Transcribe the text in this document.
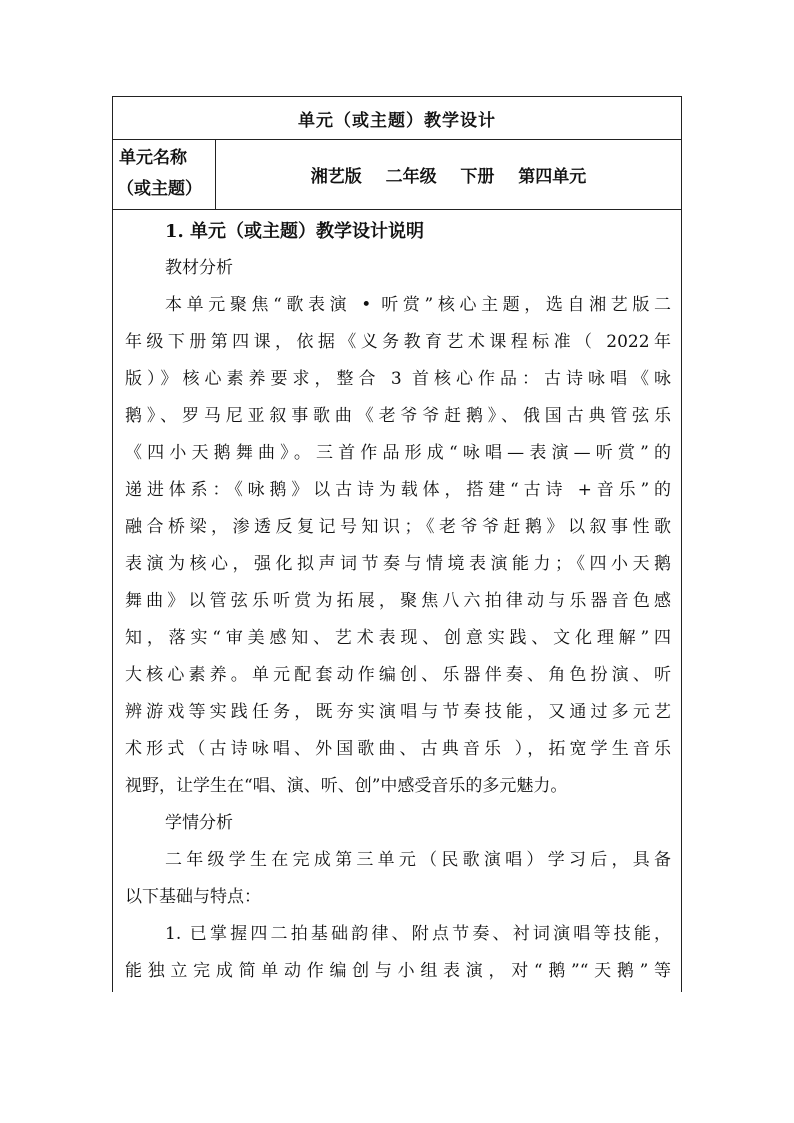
单元（或主题）教学设计
单元名称
（或主题）
湘艺版  二年级  下册  第四单元
1. 单元（或主题）教学设计说明
教材分析
本单元聚焦“歌表演 • 听赏”核心主题，选自湘艺版二
年级下册第四课，依据《义务教育艺术课程标准（ 2022年
版）》核心素养要求，整合 3 首核心作品：古诗咏唱《咏
鹅》、罗马尼亚叙事歌曲《老爷爷赶鹅》、俄国古典管弦乐
《四小天鹅舞曲》。三首作品形成“咏唱—表演—听赏”的
递进体系：《咏鹅》以古诗为载体，搭建“古诗 +音乐”的
融合桥梁，渗透反复记号知识；《老爷爷赶鹅》以叙事性歌
表演为核心，强化拟声词节奏与情境表演能力；《四小天鹅
舞曲》以管弦乐听赏为拓展，聚焦八六拍律动与乐器音色感
知，落实“审美感知、艺术表现、创意实践、文化理解”四
大核心素养。单元配套动作编创、乐器伴奏、角色扮演、听
辨游戏等实践任务，既夯实演唱与节奏技能，又通过多元艺
术形式（古诗咏唱、外国歌曲、古典音乐 ），拓宽学生音乐
视野，让学生在“唱、演、听、创”中感受音乐的多元魅力。
学情分析
二年级学生在完成第三单元（民歌演唱）学习后，具备
以下基础与特点：
1. 已掌握四二拍基础韵律、附点节奏、衬词演唱等技能，
能独立完成简单动作编创与小组表演，对“鹅”“天鹅”等
